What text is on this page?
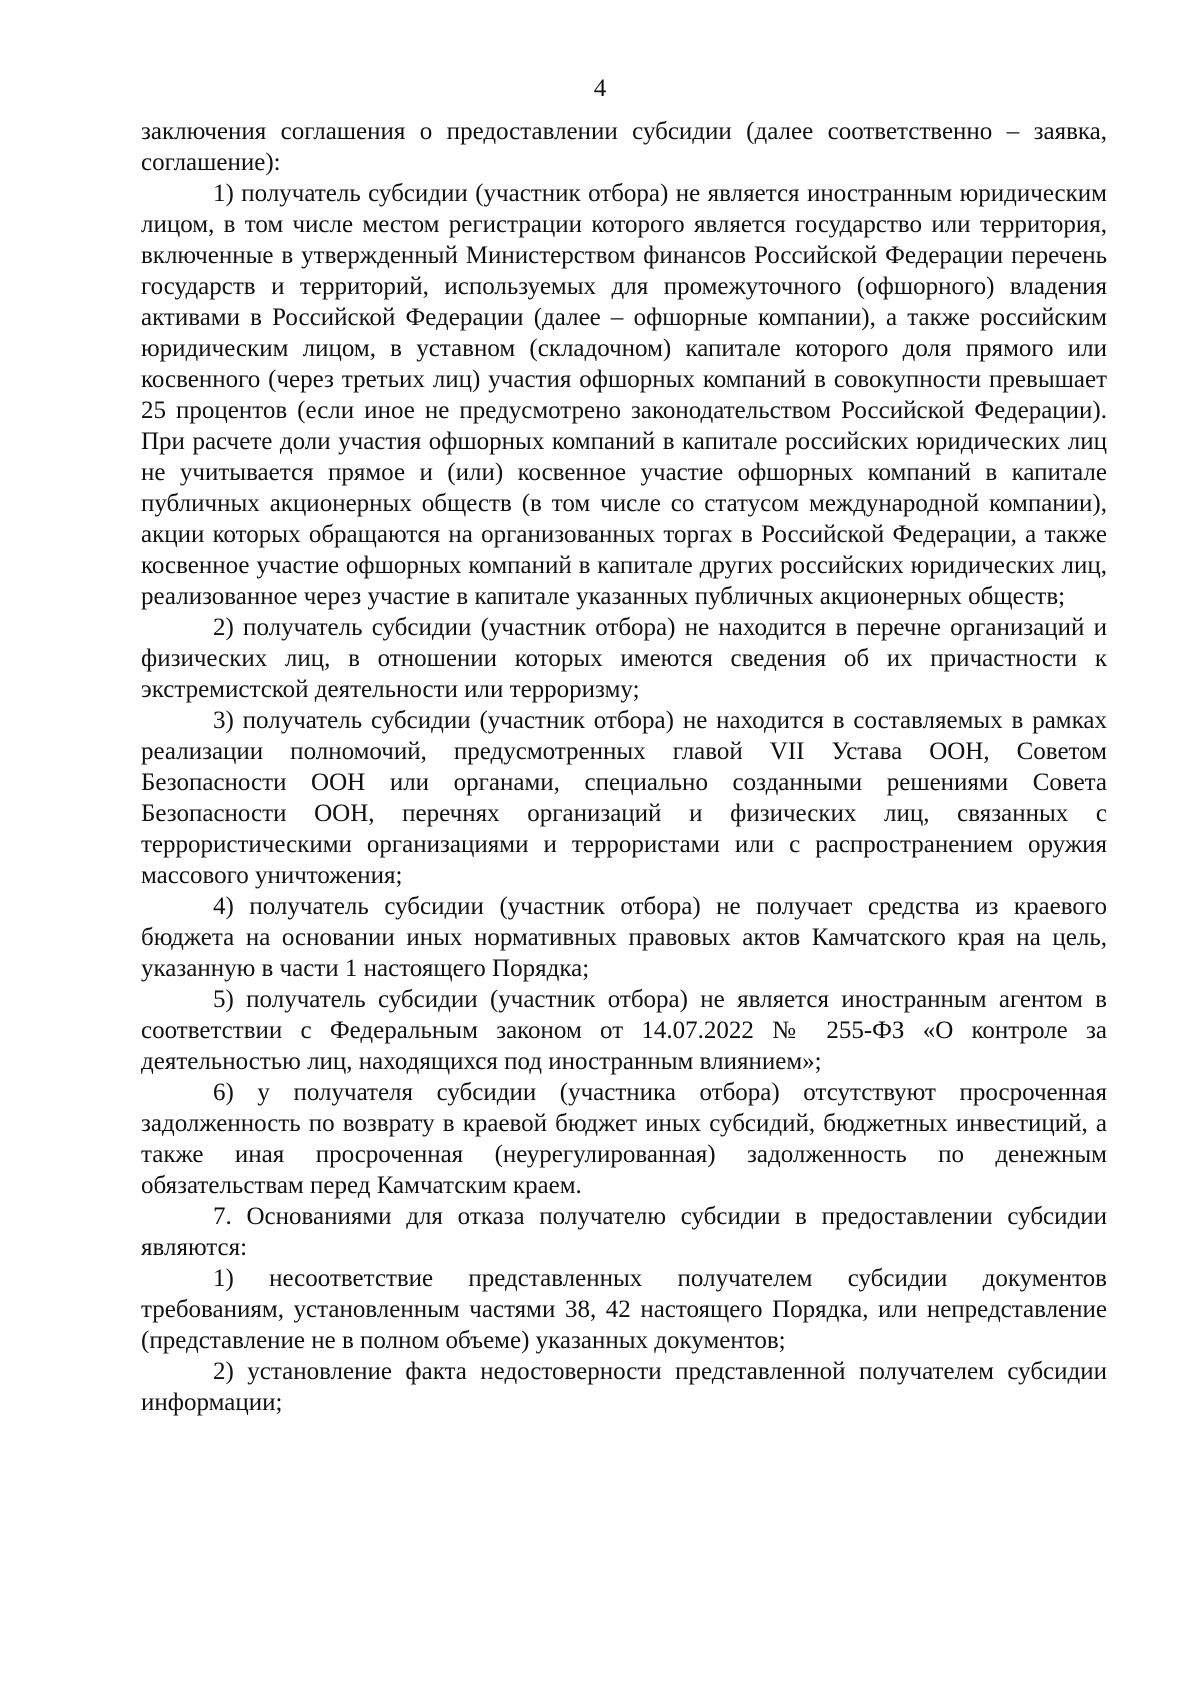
4

заключения соглашения о предоставлении субсидии (далее соответственно – заявка, соглашение):

1) получатель субсидии (участник отбора) не является иностранным юридическим лицом, в том числе местом регистрации которого является государство или территория, включенные в утвержденный Министерством финансов Российской Федерации перечень государств и территорий, используемых для промежуточного (офшорного) владения активами в Российской Федерации (далее – офшорные компании), а также российским юридическим лицом, в уставном (складочном) капитале которого доля прямого или косвенного (через третьих лиц) участия офшорных компаний в совокупности превышает 25 процентов (если иное не предусмотрено законодательством Российской Федерации). При расчете доли участия офшорных компаний в капитале российских юридических лиц не учитывается прямое и (или) косвенное участие офшорных компаний в капитале публичных акционерных обществ (в том числе со статусом международной компании), акции которых обращаются на организованных торгах в Российской Федерации, а также косвенное участие офшорных компаний в капитале других российских юридических лиц, реализованное через участие в капитале указанных публичных акционерных обществ;

2) получатель субсидии (участник отбора) не находится в перечне организаций и физических лиц, в отношении которых имеются сведения об их причастности к экстремистской деятельности или терроризму;

3) получатель субсидии (участник отбора) не находится в составляемых в рамках реализации полномочий, предусмотренных главой VII Устава ООН, Советом Безопасности ООН или органами, специально созданными решениями Совета Безопасности ООН, перечнях организаций и физических лиц, связанных с террористическими организациями и террористами или с распространением оружия массового уничтожения;

4) получатель субсидии (участник отбора) не получает средства из краевого бюджета на основании иных нормативных правовых актов Камчатского края на цель, указанную в части 1 настоящего Порядка;

5) получатель субсидии (участник отбора) не является иностранным агентом в соответствии с Федеральным законом от 14.07.2022 № 255-ФЗ «О контроле за деятельностью лиц, находящихся под иностранным влиянием»;

6) у получателя субсидии (участника отбора) отсутствуют просроченная задолженность по возврату в краевой бюджет иных субсидий, бюджетных инвестиций, а также иная просроченная (неурегулированная) задолженность по денежным обязательствам перед Камчатским краем.

7. Основаниями для отказа получателю субсидии в предоставлении субсидии являются:

1) несоответствие представленных получателем субсидии документов требованиям, установленным частями 38, 42 настоящего Порядка, или непредставление (представление не в полном объеме) указанных документов;

2) установление факта недостоверности представленной получателем субсидии информации;
